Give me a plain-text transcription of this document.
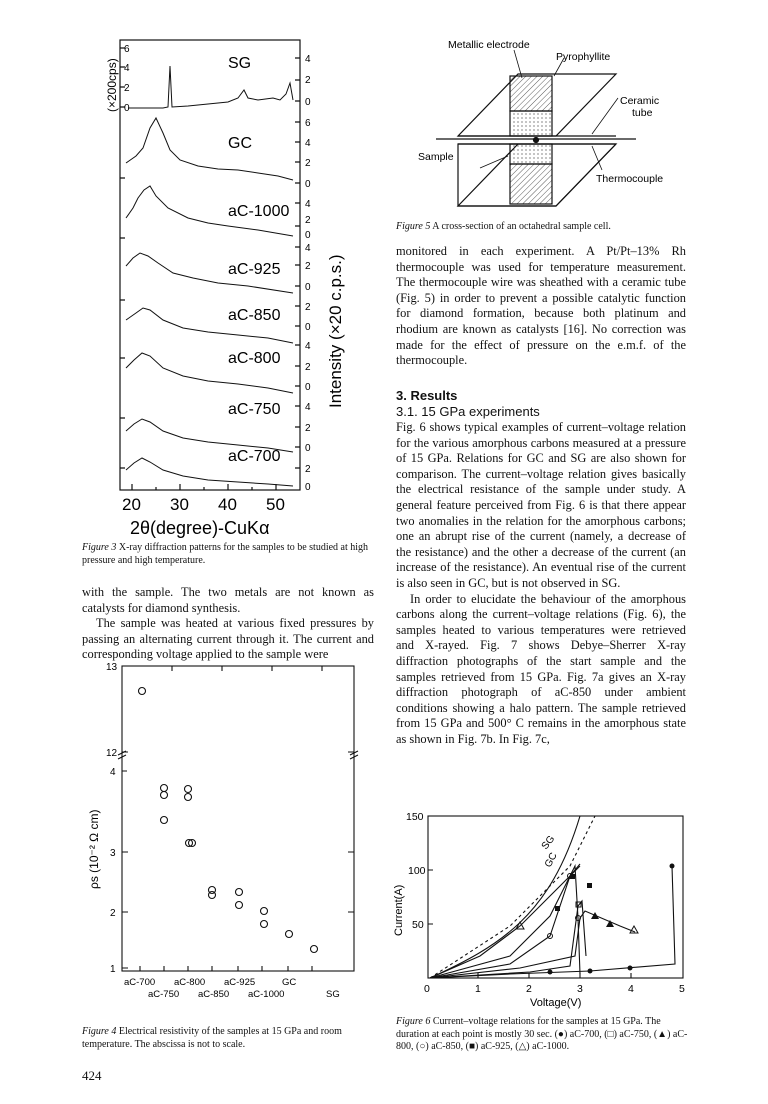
(×200cps)
6
4
2
0
SG
GC
aC-1000
aC-925
aC-850
aC-800
aC-750
aC-700
4
2
0
6
4
2
0
4
2
0
4
2
0
2
0
4
2
0
4
2
0
2
0
Intensity (×20 c.p.s.)
20 30 40 50
2θ(degree)-CuKα
Figure 3 X-ray diffraction patterns for the samples to be studied at high pressure and high temperature.

with the sample. The two metals are not known as catalysts for diamond synthesis.

The sample was heated at various fixed pressures by passing an alternating current through it. The current and corresponding voltage applied to the sample were

13
12
4
3
2
1
ρs (10⁻² Ω cm)
aC-700 aC-800 aC-925	GC
SG
aC-750 aC-850 aC-1000
Figure 4 Electrical resistivity of the samples at 15 GPa and room temperature. The abscissa is not to scale.
424
Metallic electrode
Pyrophyllite
Ceramic
tube
Sample
Thermocouple
Figure 5 A cross-section of an octahedral sample cell.
monitored in each experiment. A Pt/Pt–13% Rh thermocouple was used for temperature measurement. The thermocouple wire was sheathed with a ceramic tube (Fig. 5) in order to prevent a possible catalytic function for diamond formation, because both platinum and rhodium are known as catalysts [16]. No correction was made for the effect of pressure on the e.m.f. of the thermocouple.
3. Results
3.1. 15 GPa experiments

Fig. 6 shows typical examples of current–voltage relation for the various amorphous carbons measured at a pressure of 15 GPa. Relations for GC and SG are also shown for comparison. The current–voltage relation gives basically the electrical resistance of the sample under study. A general feature perceived from Fig. 6 is that there appear two anomalies in the relation for the amorphous carbons; one an abrupt rise of the current (namely, a decrease of the resistance) and the other a decrease of the current (an increase of the resistance). An eventual rise of the current is also seen in GC, but is not observed in SG.

In order to elucidate the behaviour of the amorphous carbons along the current–voltage relations (Fig. 6), the samples heated to various temperatures were retrieved and X-rayed. Fig. 7 shows Debye–Sherrer X-ray diffraction photographs of the start sample and the samples retrieved from 15 GPa. Fig. 7a gives an X-ray diffraction photograph of aC-850 under ambient conditions showing a halo pattern. The sample retrieved from 15 GPa and 500° C remains in the amorphous state as shown in Fig. 7b. In Fig. 7c,

150
100
50
0	1	2	3	4	5
Voltage(V)
Current(A)
SG
GC
Figure 6 Current–voltage relations for the samples at 15 GPa. The duration at each point is mostly 30 sec. (●) aC-700, (□) aC-750, (▲) aC-800, (○) aC-850, (■) aC-925, (△) aC-1000.
